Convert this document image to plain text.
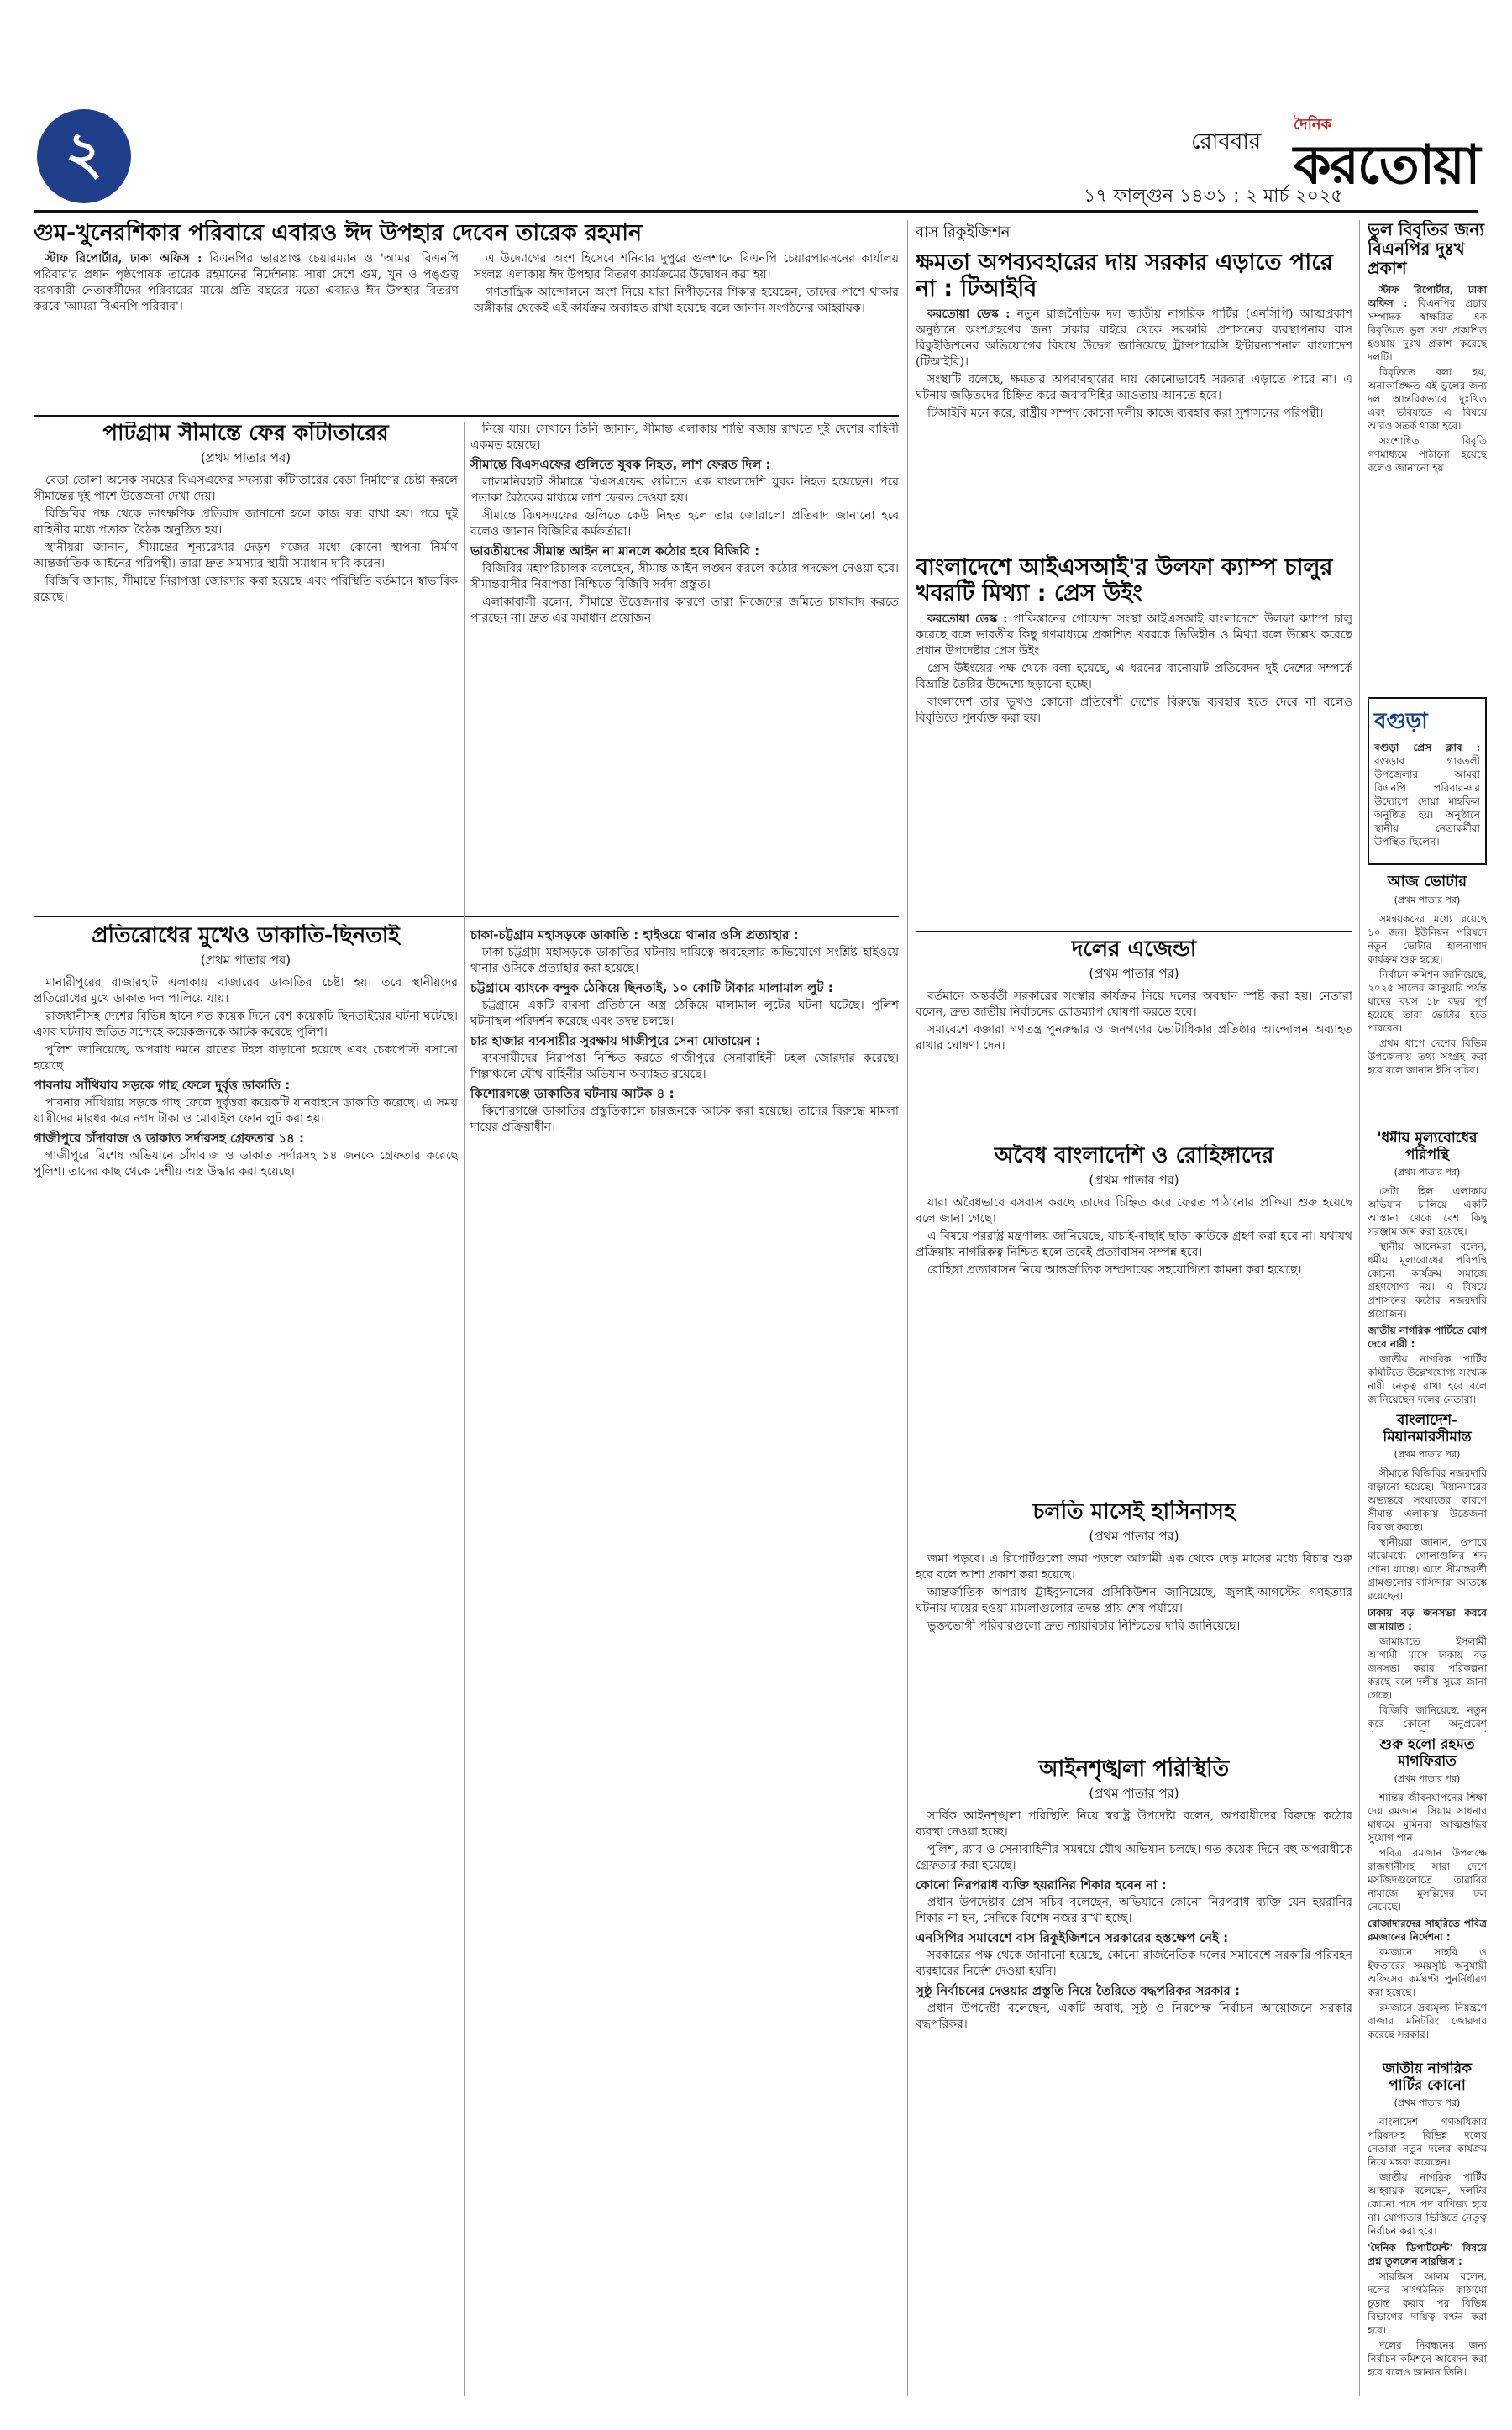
২	রোববার
১৭ ফাল্গুন ১৪৩১ : ২ মার্চ ২০২৫
দৈনিক
করতোয়া
গুম-খুনেরশিকার পরিবারে এবারও ঈদ উপহার দেবেন তারেক রহমান

স্টাফ রিপোর্টার, ঢাকা অফিস : বিএনপির ভারপ্রাপ্ত চেয়ারম্যান ও 'আমরা বিএনপি পরিবার'র প্রধান পৃষ্ঠপোষক তারেক রহমানের নির্দেশনায় সারা দেশে গুম, খুন ও পঙ্গুত্ব বরণকারী নেতাকর্মীদের পরিবারের মাঝে প্রতি বছরের মতো এবারও ঈদ উপহার বিতরণ করবে 'আমরা বিএনপি পরিবার'।

এ উদ্যোগের অংশ হিসেবে শনিবার দুপুরে গুলশানে বিএনপি চেয়ারপারসনের কার্যালয় সংলগ্ন এলাকায় ঈদ উপহার বিতরণ কার্যক্রমের উদ্বোধন করা হয়।

গণতান্ত্রিক আন্দোলনে অংশ নিয়ে যারা নিপীড়নের শিকার হয়েছেন, তাদের পাশে থাকার অঙ্গীকার থেকেই এই কার্যক্রম অব্যাহত রাখা হয়েছে বলে জানান সংগঠনের আহ্বায়ক।

পাটগ্রাম সীমান্তে ফের কাঁটাতারের
(প্রথম পাতার পর)

বেড়া তোলা অনেক সময়ের বিএসএফের সদস্যরা কাঁটাতারের বেড়া নির্মাণের চেষ্টা করলে সীমান্তের দুই পাশে উত্তেজনা দেখা দেয়।

বিজিবির পক্ষ থেকে তাৎক্ষণিক প্রতিবাদ জানানো হলে কাজ বন্ধ রাখা হয়। পরে দুই বাহিনীর মধ্যে পতাকা বৈঠক অনুষ্ঠিত হয়।

স্থানীয়রা জানান, সীমান্তের শূন্যরেখার দেড়শ গজের মধ্যে কোনো স্থাপনা নির্মাণ আন্তর্জাতিক আইনের পরিপন্থী। তারা দ্রুত সমস্যার স্থায়ী সমাধান দাবি করেন।

বিজিবি জানায়, সীমান্তে নিরাপত্তা জোরদার করা হয়েছে এবং পরিস্থিতি বর্তমানে স্বাভাবিক রয়েছে।

নিয়ে যায়। সেখানে তিনি জানান, সীমান্ত এলাকায় শান্তি বজায় রাখতে দুই দেশের বাহিনী একমত হয়েছে।

সীমান্তে বিএসএফের গুলিতে যুবক নিহত, লাশ ফেরত দিল :

লালমনিরহাট সীমান্তে বিএসএফের গুলিতে এক বাংলাদেশি যুবক নিহত হয়েছেন। পরে পতাকা বৈঠকের মাধ্যমে লাশ ফেরত দেওয়া হয়।

সীমান্তে বিএসএফের গুলিতে কেউ নিহত হলে তার জোরালো প্রতিবাদ জানানো হবে বলেও জানান বিজিবির কর্মকর্তারা।

ভারতীয়দের সীমান্ত আইন না মানলে কঠোর হবে বিজিবি :

বিজিবির মহাপরিচালক বলেছেন, সীমান্ত আইন লঙ্ঘন করলে কঠোর পদক্ষেপ নেওয়া হবে। সীমান্তবাসীর নিরাপত্তা নিশ্চিতে বিজিবি সর্বদা প্রস্তুত।

এলাকাবাসী বলেন, সীমান্তে উত্তেজনার কারণে তারা নিজেদের জমিতে চাষাবাদ করতে পারছেন না। দ্রুত এর সমাধান প্রয়োজন।

প্রতিরোধের মুখেও ডাকাতি-ছিনতাই
(প্রথম পাতার পর)

মানারীপুরের রাজারহাট এলাকায় বাজারের ডাকাতির চেষ্টা হয়। তবে স্থানীয়দের প্রতিরোধের মুখে ডাকাত দল পালিয়ে যায়।

রাজধানীসহ দেশের বিভিন্ন স্থানে গত কয়েক দিনে বেশ কয়েকটি ছিনতাইয়ের ঘটনা ঘটেছে। এসব ঘটনায় জড়িত সন্দেহে কয়েকজনকে আটক করেছে পুলিশ।

পুলিশ জানিয়েছে, অপরাধ দমনে রাতের টহল বাড়ানো হয়েছে এবং চেকপোস্ট বসানো হয়েছে।

পাবনায় সাঁথিয়ায় সড়কে গাছ ফেলে দুর্বৃত্ত ডাকাতি :

পাবনার সাঁথিয়ায় সড়কে গাছ ফেলে দুর্বৃত্তরা কয়েকটি যানবাহনে ডাকাতি করেছে। এ সময় যাত্রীদের মারধর করে নগদ টাকা ও মোবাইল ফোন লুট করা হয়।

গাজীপুরে চাঁদাবাজ ও ডাকাত সর্দারসহ গ্রেফতার ১৪ :

গাজীপুরে বিশেষ অভিযানে চাঁদাবাজ ও ডাকাত সর্দারসহ ১৪ জনকে গ্রেফতার করেছে পুলিশ। তাদের কাছ থেকে দেশীয় অস্ত্র উদ্ধার করা হয়েছে।

চাকা-চট্টগ্রাম মহাসড়কে ডাকাতি : হাইওয়ে থানার ওসি প্রত্যাহার :

ঢাকা-চট্টগ্রাম মহাসড়কে ডাকাতির ঘটনায় দায়িত্বে অবহেলার অভিযোগে সংশ্লিষ্ট হাইওয়ে থানার ওসিকে প্রত্যাহার করা হয়েছে।

চট্টগ্রামে ব্যাংকে বন্দুক ঠেকিয়ে ছিনতাই, ১০ কোটি টাকার মালামাল লুট :

চট্টগ্রামে একটি ব্যবসা প্রতিষ্ঠানে অস্ত্র ঠেকিয়ে মালামাল লুটের ঘটনা ঘটেছে। পুলিশ ঘটনাস্থল পরিদর্শন করেছে এবং তদন্ত চলছে।

চার হাজার ব্যবসায়ীর সুরক্ষায় গাজীপুরে সেনা মোতায়েন :

ব্যবসায়ীদের নিরাপত্তা নিশ্চিত করতে গাজীপুরে সেনাবাহিনী টহল জোরদার করেছে। শিল্পাঞ্চলে যৌথ বাহিনীর অভিযান অব্যাহত রয়েছে।

কিশোরগঞ্জে ডাকাতির ঘটনায় আটক ৪ :

কিশোরগঞ্জে ডাকাতির প্রস্তুতিকালে চারজনকে আটক করা হয়েছে। তাদের বিরুদ্ধে মামলা দায়ের প্রক্রিয়াধীন।

বাস রিকুইজিশন
ক্ষমতা অপব্যবহারের দায় সরকার এড়াতে পারে না : টিআইবি

করতোয়া ডেস্ক : নতুন রাজনৈতিক দল জাতীয় নাগরিক পার্টির (এনসিপি) আত্মপ্রকাশ অনুষ্ঠানে অংশগ্রহণের জন্য ঢাকার বাইরে থেকে সরকারি প্রশাসনের ব্যবস্থাপনায় বাস রিকুইজিশনের অভিযোগের বিষয়ে উদ্বেগ জানিয়েছে ট্রান্সপারেন্সি ইন্টারন্যাশনাল বাংলাদেশ (টিআইবি)।

সংস্থাটি বলেছে, ক্ষমতার অপব্যবহারের দায় কোনোভাবেই সরকার এড়াতে পারে না। এ ঘটনায় জড়িতদের চিহ্নিত করে জবাবদিহির আওতায় আনতে হবে।

টিআইবি মনে করে, রাষ্ট্রীয় সম্পদ কোনো দলীয় কাজে ব্যবহার করা সুশাসনের পরিপন্থী।

বাংলাদেশে আইএসআই'র উলফা ক্যাম্প চালুর খবরটি মিথ্যা : প্রেস উইং

করতোয়া ডেস্ক : পাকিস্তানের গোয়েন্দা সংস্থা আইএসআই বাংলাদেশে উলফা ক্যাম্প চালু করেছে বলে ভারতীয় কিছু গণমাধ্যমে প্রকাশিত খবরকে ভিত্তিহীন ও মিথ্যা বলে উল্লেখ করেছে প্রধান উপদেষ্টার প্রেস উইং।

প্রেস উইংয়ের পক্ষ থেকে বলা হয়েছে, এ ধরনের বানোয়াট প্রতিবেদন দুই দেশের সম্পর্কে বিভ্রান্তি তৈরির উদ্দেশ্যে ছড়ানো হচ্ছে।

বাংলাদেশ তার ভূখণ্ড কোনো প্রতিবেশী দেশের বিরুদ্ধে ব্যবহার হতে দেবে না বলেও বিবৃতিতে পুনর্ব্যক্ত করা হয়।

দলের এজেন্ডা
(প্রথম পাতার পর)

বর্তমানে অন্তর্বর্তী সরকারের সংস্কার কার্যক্রম নিয়ে দলের অবস্থান স্পষ্ট করা হয়। নেতারা বলেন, দ্রুত জাতীয় নির্বাচনের রোডম্যাপ ঘোষণা করতে হবে।

সমাবেশে বক্তারা গণতন্ত্র পুনরুদ্ধার ও জনগণের ভোটাধিকার প্রতিষ্ঠার আন্দোলন অব্যাহত রাখার ঘোষণা দেন।

অবৈধ বাংলাদেশি ও রোহিঙ্গাদের
(প্রথম পাতার পর)

যারা অবৈধভাবে বসবাস করছে তাদের চিহ্নিত করে ফেরত পাঠানোর প্রক্রিয়া শুরু হয়েছে বলে জানা গেছে।

এ বিষয়ে পররাষ্ট্র মন্ত্রণালয় জানিয়েছে, যাচাই-বাছাই ছাড়া কাউকে গ্রহণ করা হবে না। যথাযথ প্রক্রিয়ায় নাগরিকত্ব নিশ্চিত হলে তবেই প্রত্যাবাসন সম্পন্ন হবে।

রোহিঙ্গা প্রত্যাবাসন নিয়ে আন্তর্জাতিক সম্প্রদায়ের সহযোগিতা কামনা করা হয়েছে।

চলতি মাসেই হাসিনাসহ
(প্রথম পাতার পর)

জমা পড়বে। এ রিপোর্টগুলো জমা পড়লে আগামী এক থেকে দেড় মাসের মধ্যে বিচার শুরু হবে বলে আশা প্রকাশ করা হয়েছে।

আন্তর্জাতিক অপরাধ ট্রাইব্যুনালের প্রসিকিউশন জানিয়েছে, জুলাই-আগস্টের গণহত্যার ঘটনায় দায়ের হওয়া মামলাগুলোর তদন্ত প্রায় শেষ পর্যায়ে।

ভুক্তভোগী পরিবারগুলো দ্রুত ন্যায়বিচার নিশ্চিতের দাবি জানিয়েছে।

আইনশৃঙ্খলা পরিস্থিতি
(প্রথম পাতার পর)

সার্বিক আইনশৃঙ্খলা পরিস্থিতি নিয়ে স্বরাষ্ট্র উপদেষ্টা বলেন, অপরাধীদের বিরুদ্ধে কঠোর ব্যবস্থা নেওয়া হচ্ছে।

পুলিশ, র‍্যাব ও সেনাবাহিনীর সমন্বয়ে যৌথ অভিযান চলছে। গত কয়েক দিনে বহু অপরাধীকে গ্রেফতার করা হয়েছে।

কোনো নিরপরাধ ব্যক্তি হয়রানির শিকার হবেন না :

প্রধান উপদেষ্টার প্রেস সচিব বলেছেন, অভিযানে কোনো নিরপরাধ ব্যক্তি যেন হয়রানির শিকার না হন, সেদিকে বিশেষ নজর রাখা হচ্ছে।

এনসিপির সমাবেশে বাস রিকুইজিশনে সরকারের হস্তক্ষেপ নেই :

সরকারের পক্ষ থেকে জানানো হয়েছে, কোনো রাজনৈতিক দলের সমাবেশে সরকারি পরিবহন ব্যবহারের নির্দেশ দেওয়া হয়নি।

সুষ্ঠু নির্বাচনের দেওয়ার প্রস্তুতি নিয়ে তৈরিতে বদ্ধপরিকর সরকার :

প্রধান উপদেষ্টা বলেছেন, একটি অবাধ, সুষ্ঠু ও নিরপেক্ষ নির্বাচন আয়োজনে সরকার বদ্ধপরিকর।

ভুল বিবৃতির জন্য বিএনপির দুঃখ প্রকাশ

স্টাফ রিপোর্টার, ঢাকা অফিস : বিএনপির প্রচার সম্পাদক স্বাক্ষরিত এক বিবৃতিতে ভুল তথ্য প্রকাশিত হওয়ায় দুঃখ প্রকাশ করেছে দলটি।

বিবৃতিতে বলা হয়, অনাকাঙ্ক্ষিত এই ভুলের জন্য দল আন্তরিকভাবে দুঃখিত এবং ভবিষ্যতে এ বিষয়ে আরও সতর্ক থাকা হবে।

সংশোধিত বিবৃতি গণমাধ্যমে পাঠানো হয়েছে বলেও জানানো হয়।

বগুড়া
বগুড়া প্রেস ক্লাব : বগুড়ার গাবতলী উপজেলার আমরা বিএনপি পরিবার-এর উদ্যোগে দোয়া মাহফিল অনুষ্ঠিত হয়। অনুষ্ঠানে স্থানীয় নেতাকর্মীরা উপস্থিত ছিলেন।
আজ ভোটার
(প্রথম পাতার পর)

সমন্বয়কদের মধ্যে রয়েছে ১০ জন। ইউনিয়ন পরিষদে নতুন ভোটার হালনাগাদ কার্যক্রম শুরু হচ্ছে।

নির্বাচন কমিশন জানিয়েছে, ২০২৫ সালের জানুয়ারি পর্যন্ত যাদের বয়স ১৮ বছর পূর্ণ হয়েছে তারা ভোটার হতে পারবেন।

প্রথম ধাপে দেশের বিভিন্ন উপজেলায় তথ্য সংগ্রহ করা হবে বলে জানান ইসি সচিব।

'ধর্মীয় মূল্যবোধের পরিপন্থি
(প্রথম পাতার পর)

সেটা হিল এলাকায় অভিযান চালিয়ে একটি আস্তানা থেকে বেশ কিছু সরঞ্জাম জব্দ করা হয়েছে।

স্থানীয় আলেমরা বলেন, ধর্মীয় মূল্যবোধের পরিপন্থি কোনো কার্যক্রম সমাজে গ্রহণযোগ্য নয়। এ বিষয়ে প্রশাসনের কঠোর নজরদারি প্রয়োজন।

জাতীয় নাগরিক পার্টিতে যোগ দেবে নারী :

জাতীয় নাগরিক পার্টির কমিটিতে উল্লেখযোগ্য সংখ্যক নারী নেতৃত্ব রাখা হবে বলে জানিয়েছেন দলের নেতারা।

বাংলাদেশ-মিয়ানমারসীমান্ত
(প্রথম পাতার পর)

সীমান্তে বিজিবির নজরদারি বাড়ানো হয়েছে। মিয়ানমারের অভ্যন্তরে সংঘাতের কারণে সীমান্ত এলাকায় উত্তেজনা বিরাজ করছে।

স্থানীয়রা জানান, ওপারে মাঝেমধ্যে গোলাগুলির শব্দ শোনা যাচ্ছে। এতে সীমান্তবর্তী গ্রামগুলোর বাসিন্দারা আতঙ্কে রয়েছেন।

ঢাকায় বড় জনসভা করবে জামায়াত :

জামায়াতে ইসলামী আগামী মাসে ঢাকায় বড় জনসভা করার পরিকল্পনা করছে বলে দলীয় সূত্রে জানা গেছে।

বিজিবি জানিয়েছে, নতুন করে কোনো অনুপ্রবেশ

শুরু হলো রহমত মাগফিরাত
(প্রথম পাতার পর)

শান্তির জীবনযাপনের শিক্ষা দেয় রমজান। সিয়াম সাধনার মাধ্যমে মুমিনরা আত্মশুদ্ধির সুযোগ পান।

পবিত্র রমজান উপলক্ষে রাজধানীসহ সারা দেশে মসজিদগুলোতে তারাবির নামাজে মুসল্লিদের ঢল নেমেছে।

রোজাদারদের সাহরিতে পবিত্র রমজানের নির্দেশনা :

রমজানে সাহরি ও ইফতারের সময়সূচি অনুযায়ী অফিসের কর্মঘণ্টা পুনর্নির্ধারণ করা হয়েছে।

রমজানে দ্রব্যমূল্য নিয়ন্ত্রণে বাজার মনিটরিং জোরদার করেছে সরকার।

জাতীয় নাগরিক পার্টির কোনো
(প্রথম পাতার পর)

বাংলাদেশ গণঅধিকার পরিষদসহ বিভিন্ন দলের নেতারা নতুন দলের কার্যক্রম নিয়ে মন্তব্য করেছেন।

জাতীয় নাগরিক পার্টির আহ্বায়ক বলেছেন, দলটির কোনো পদে পদ বাণিজ্য হবে না। যোগ্যতার ভিত্তিতে নেতৃত্ব নির্বাচন করা হবে।

'দৈনিক ডিপার্টমেন্ট' বিষয়ে প্রশ্ন তুললেন সারজিস :

সারজিস আলম বলেন, দলের সাংগঠনিক কাঠামো চূড়ান্ত করার পর বিভিন্ন বিভাগের দায়িত্ব বণ্টন করা হবে।

দলের নিবন্ধনের জন্য নির্বাচন কমিশনে আবেদন করা হবে বলেও জানান তিনি।
